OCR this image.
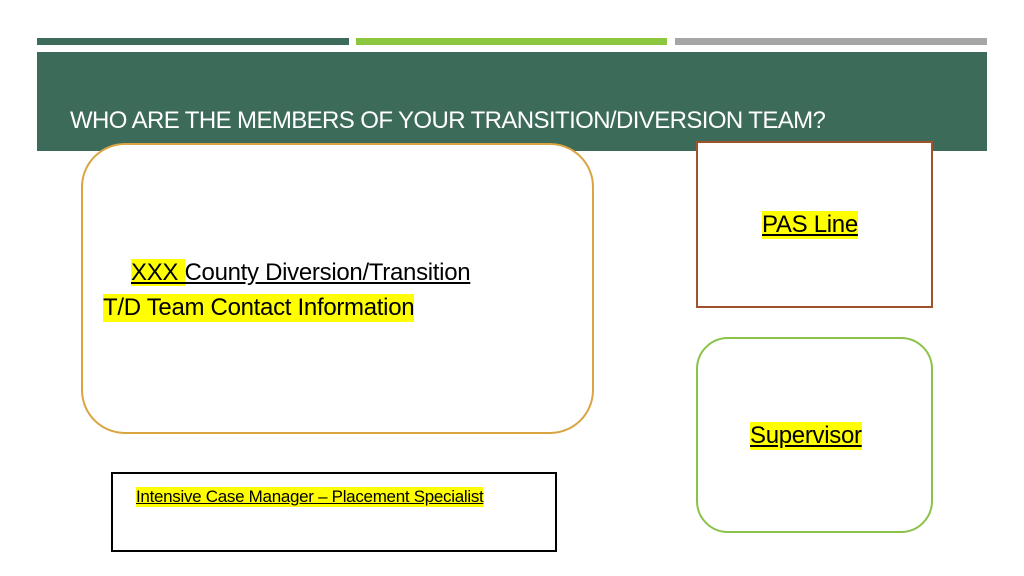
WHO ARE THE MEMBERS OF YOUR TRANSITION/DIVERSION TEAM?
XXX County Diversion/Transition
T/D Team Contact Information
PAS Line
Supervisor
Intensive Case Manager – Placement Specialist
